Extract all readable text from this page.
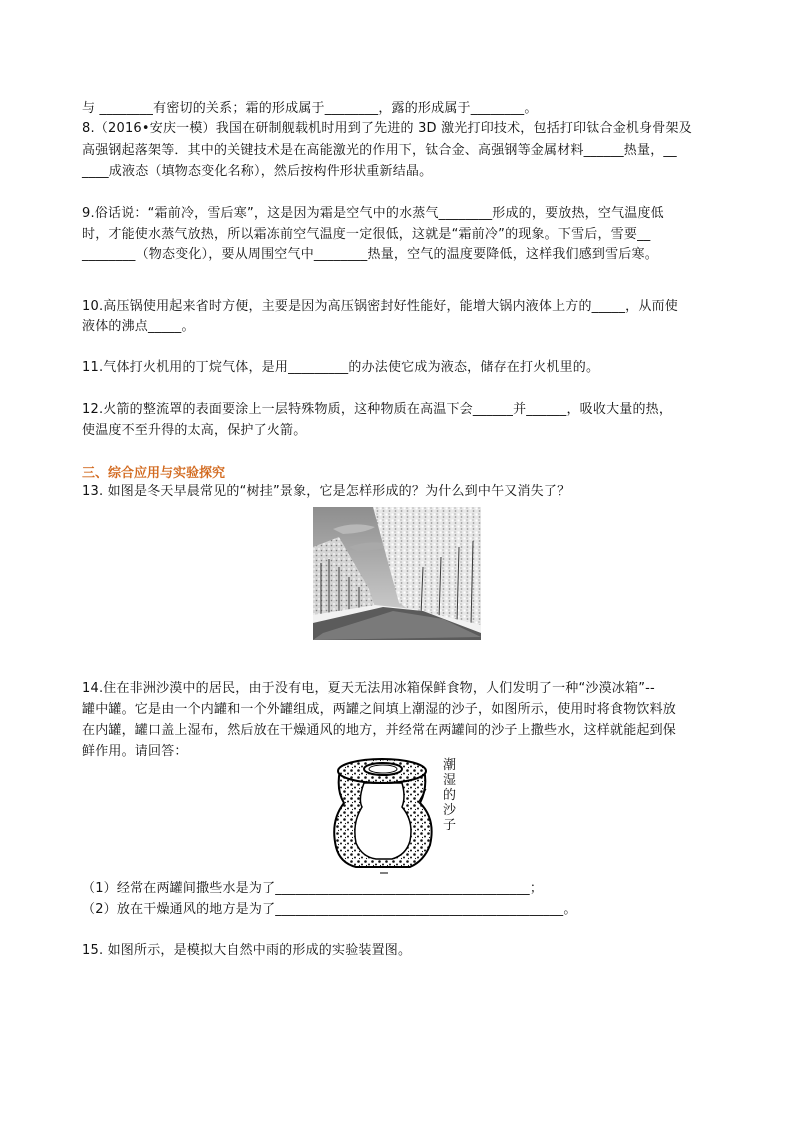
与 ________有密切的关系；霜的形成属于________，露的形成属于________。
8.（2016•安庆一模）我国在研制舰载机时用到了先进的 3D 激光打印技术，包括打印钛合金机身骨架及
高强钢起落架等．其中的关键技术是在高能激光的作用下，钛合金、高强钢等金属材料______热量，__
____成液态（填物态变化名称），然后按构件形状重新结晶。
9.俗话说：“霜前冷，雪后寒”，这是因为霜是空气中的水蒸气________形成的，要放热，空气温度低
时，才能使水蒸气放热，所以霜冻前空气温度一定很低，这就是“霜前冷”的现象。下雪后，雪要__
________（物态变化），要从周围空气中________热量，空气的温度要降低，这样我们感到雪后寒。
10.高压锅使用起来省时方便，主要是因为高压锅密封好性能好，能增大锅内液体上方的_____，从而使
液体的沸点_____。
11.气体打火机用的丁烷气体，是用_________的办法使它成为液态，储存在打火机里的。
12.火箭的整流罩的表面要涂上一层特殊物质，这种物质在高温下会______并______，吸收大量的热，
使温度不至升得的太高，保护了火箭。
三、综合应用与实验探究
13. 如图是冬天早晨常见的“树挂”景象，它是怎样形成的？为什么到中午又消失了？
14.住在非洲沙漠中的居民，由于没有电，夏天无法用冰箱保鲜食物，人们发明了一种“沙漠冰箱”--
罐中罐。它是由一个内罐和一个外罐组成，两罐之间填上潮湿的沙子，如图所示，使用时将食物饮料放
在内罐，罐口盖上湿布，然后放在干燥通风的地方，并经常在两罐间的沙子上撒些水，这样就能起到保
鲜作用。请回答：
潮湿的沙子
（1）经常在两罐间撒些水是为了______________________________________；
（2）放在干燥通风的地方是为了___________________________________________。
15. 如图所示，是模拟大自然中雨的形成的实验装置图。
